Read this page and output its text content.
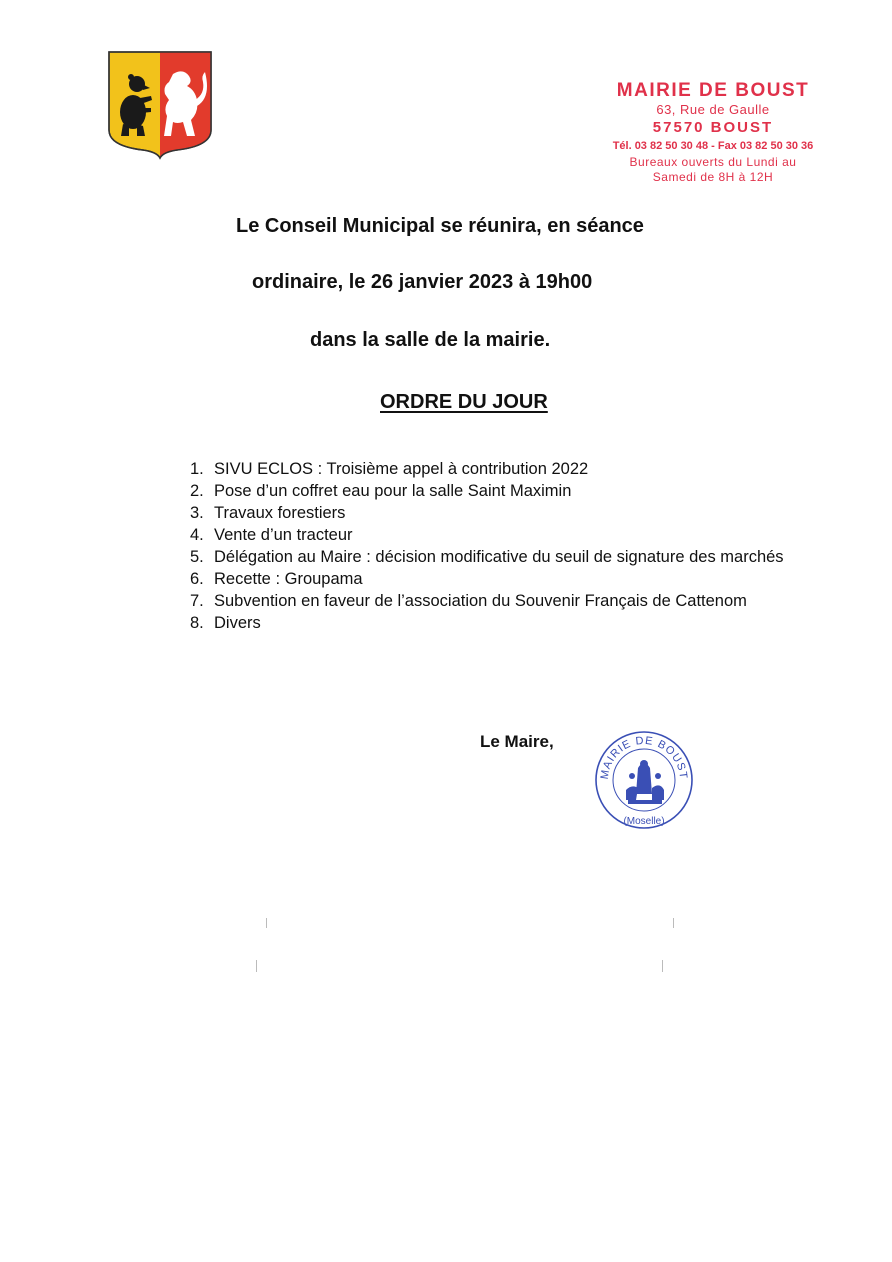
MAIRIE DE BOUST
63, Rue de Gaulle
57570 BOUST
Tél. 03 82 50 30 48 - Fax 03 82 50 30 36
Bureaux ouverts du Lundi au
Samedi de 8H à 12H
Le Conseil Municipal se réunira, en séance
ordinaire, le 26 janvier 2023 à 19h00
dans la salle de la mairie.
ORDRE DU JOUR
1. SIVU ECLOS : Troisième appel à contribution 2022
2. Pose d’un coffret eau pour la salle Saint Maximin
3. Travaux forestiers
4. Vente d’un tracteur
5. Délégation au Maire : décision modificative du seuil de signature des marchés
6. Recette : Groupama
7. Subvention en faveur de l’association du Souvenir Français de Cattenom
8. Divers
Le Maire,
MAIRIE DE BOUST
(Moselle)
